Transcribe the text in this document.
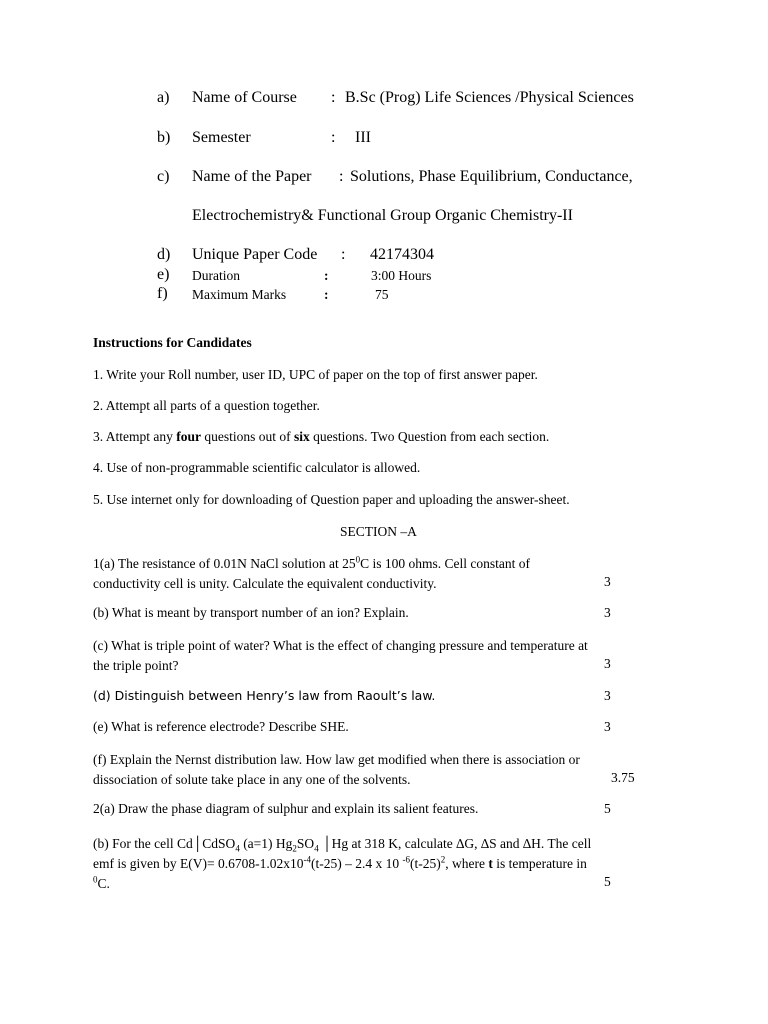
a) Name of Course : B.Sc (Prog) Life Sciences /Physical Sciences
b) Semester	: III
c) Name of the Paper : Solutions, Phase Equilibrium, Conductance,
Electrochemistry& Functional Group Organic Chemistry-II
d) Unique Paper Code : 42174304
e) Duration	:	3:00 Hours
f) Maximum Marks	:	75
Instructions for Candidates
1. Write your Roll number, user ID, UPC of paper on the top of first answer paper.
2. Attempt all parts of a question together.
3. Attempt any four questions out of six questions. Two Question from each section.
4. Use of non-programmable scientific calculator is allowed.
5. Use internet only for downloading of Question paper and uploading the answer-sheet.
SECTION –A
1(a) The resistance of 0.01N NaCl solution at $25^0C$ is 100 ohms. Cell constant of
conductivity cell is unity. Calculate the equivalent conductivity.	3
(b) What is meant by transport number of an ion? Explain.	3
(c) What is triple point of water? What is the effect of changing pressure and temperature at
the triple point?	3
(d) Distinguish between Henry’s law from Raoult’s law.	3
(e) What is reference electrode? Describe SHE.	3
(f) Explain the Nernst distribution law. How law get modified when there is association or
dissociation of solute take place in any one of the solvents.	3.75
2(a) Draw the phase diagram of sulphur and explain its salient features.	5
(b) For the cell Cd│CdSO$_4$ (a=1) $Hg_2SO_4$ │Hg at 318 K, calculate ∆G, ∆S and ∆H. The cell
emf is given by $E(V)= 0.6708-1.02x10^{-4}(t-25) - 2.4$ x 10 $^{-6}(t-25)^2$, where t is temperature in
$^0$C.	5
